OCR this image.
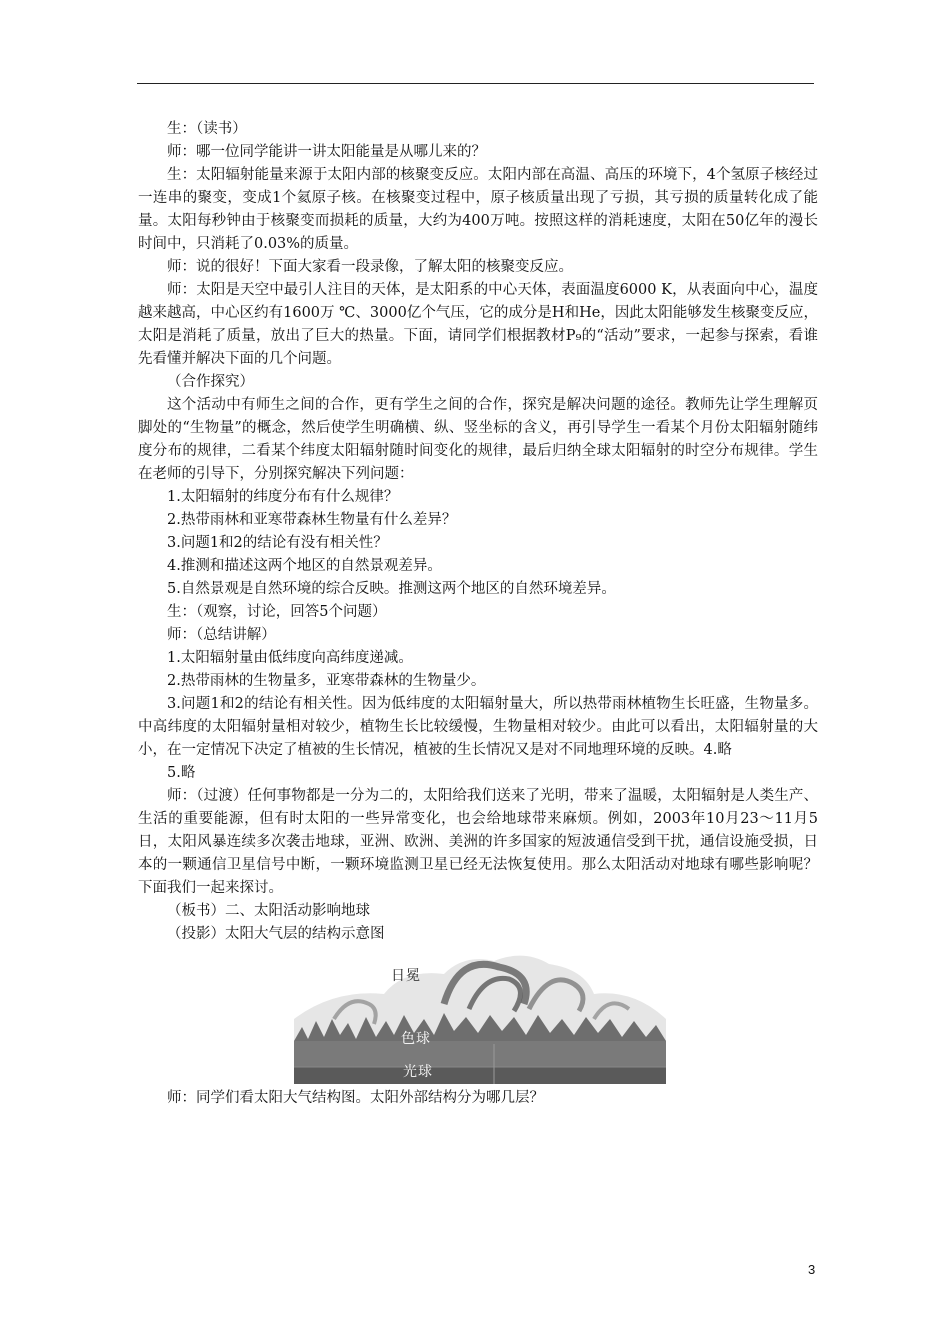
生：（读书）

师：哪一位同学能讲一讲太阳能量是从哪儿来的？

生：太阳辐射能量来源于太阳内部的核聚变反应。太阳内部在高温、高压的环境下，4个氢原子核经过一连串的聚变，变成1个氦原子核。在核聚变过程中，原子核质量出现了亏损，其亏损的质量转化成了能量。太阳每秒钟由于核聚变而损耗的质量，大约为400万吨。按照这样的消耗速度，太阳在50亿年的漫长时间中，只消耗了0.03%的质量。

师：说的很好！下面大家看一段录像，了解太阳的核聚变反应。

师：太阳是天空中最引人注目的天体，是太阳系的中心天体，表面温度6000 K，从表面向中心，温度越来越高，中心区约有1600万 ℃、3000亿个气压，它的成分是H和He，因此太阳能够发生核聚变反应，太阳是消耗了质量，放出了巨大的热量。下面，请同学们根据教材P₉的“活动”要求，一起参与探索，看谁先看懂并解决下面的几个问题。

（合作探究）

这个活动中有师生之间的合作，更有学生之间的合作，探究是解决问题的途径。教师先让学生理解页脚处的“生物量”的概念，然后使学生明确横、纵、竖坐标的含义，再引导学生一看某个月份太阳辐射随纬度分布的规律，二看某个纬度太阳辐射随时间变化的规律，最后归纳全球太阳辐射的时空分布规律。学生在老师的引导下，分别探究解决下列问题：

1.太阳辐射的纬度分布有什么规律？

2.热带雨林和亚寒带森林生物量有什么差异？

3.问题1和2的结论有没有相关性？

4.推测和描述这两个地区的自然景观差异。

5.自然景观是自然环境的综合反映。推测这两个地区的自然环境差异。

生：（观察，讨论，回答5个问题）

师：（总结讲解）

1.太阳辐射量由低纬度向高纬度递减。

2.热带雨林的生物量多，亚寒带森林的生物量少。

3.问题1和2的结论有相关性。因为低纬度的太阳辐射量大，所以热带雨林植物生长旺盛，生物量多。中高纬度的太阳辐射量相对较少，植物生长比较缓慢，生物量相对较少。由此可以看出，太阳辐射量的大小，在一定情况下决定了植被的生长情况，植被的生长情况又是对不同地理环境的反映。4.略

5.略

师：（过渡）任何事物都是一分为二的，太阳给我们送来了光明，带来了温暖，太阳辐射是人类生产、生活的重要能源，但有时太阳的一些异常变化，也会给地球带来麻烦。例如，2003年10月23～11月5日，太阳风暴连续多次袭击地球，亚洲、欧洲、美洲的许多国家的短波通信受到干扰，通信设施受损，日本的一颗通信卫星信号中断，一颗环境监测卫星已经无法恢复使用。那么太阳活动对地球有哪些影响呢？下面我们一起来探讨。

（板书）二、太阳活动影响地球

（投影）太阳大气层的结构示意图

日冕
色球
光球

师：同学们看太阳大气结构图。太阳外部结构分为哪几层？

3
